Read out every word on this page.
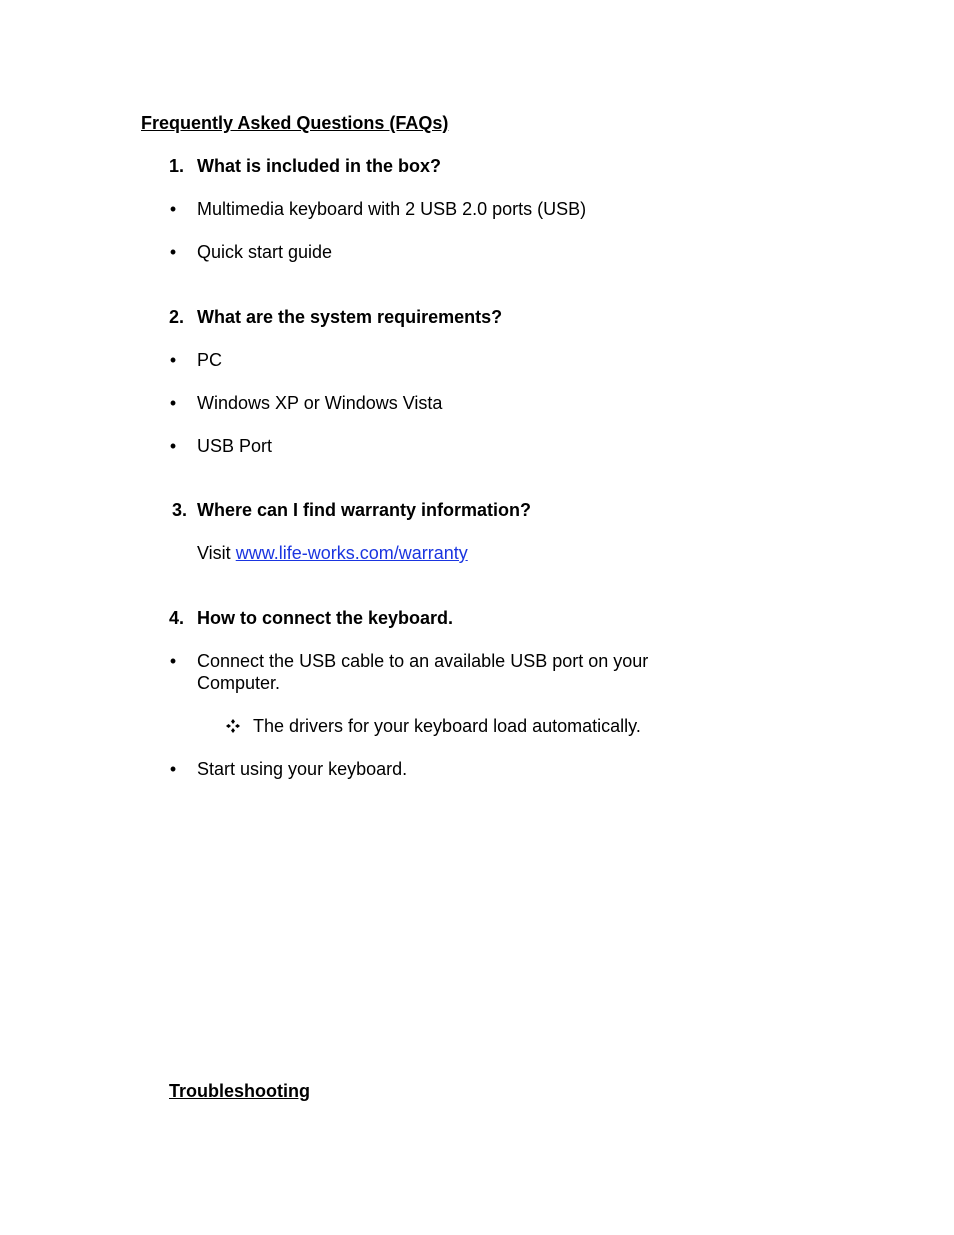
Frequently Asked Questions (FAQs)
1. What is included in the box?
• Multimedia keyboard with 2 USB 2.0 ports (USB)
• Quick start guide
2. What are the system requirements?
• PC
• Windows XP or Windows Vista
• USB Port
3. Where can I find warranty information?
Visit www.life-works.com/warranty
4. How to connect the keyboard.
• Connect the USB cable to an available USB port on your
Computer.
The drivers for your keyboard load automatically.
• Start using your keyboard.
Troubleshooting
